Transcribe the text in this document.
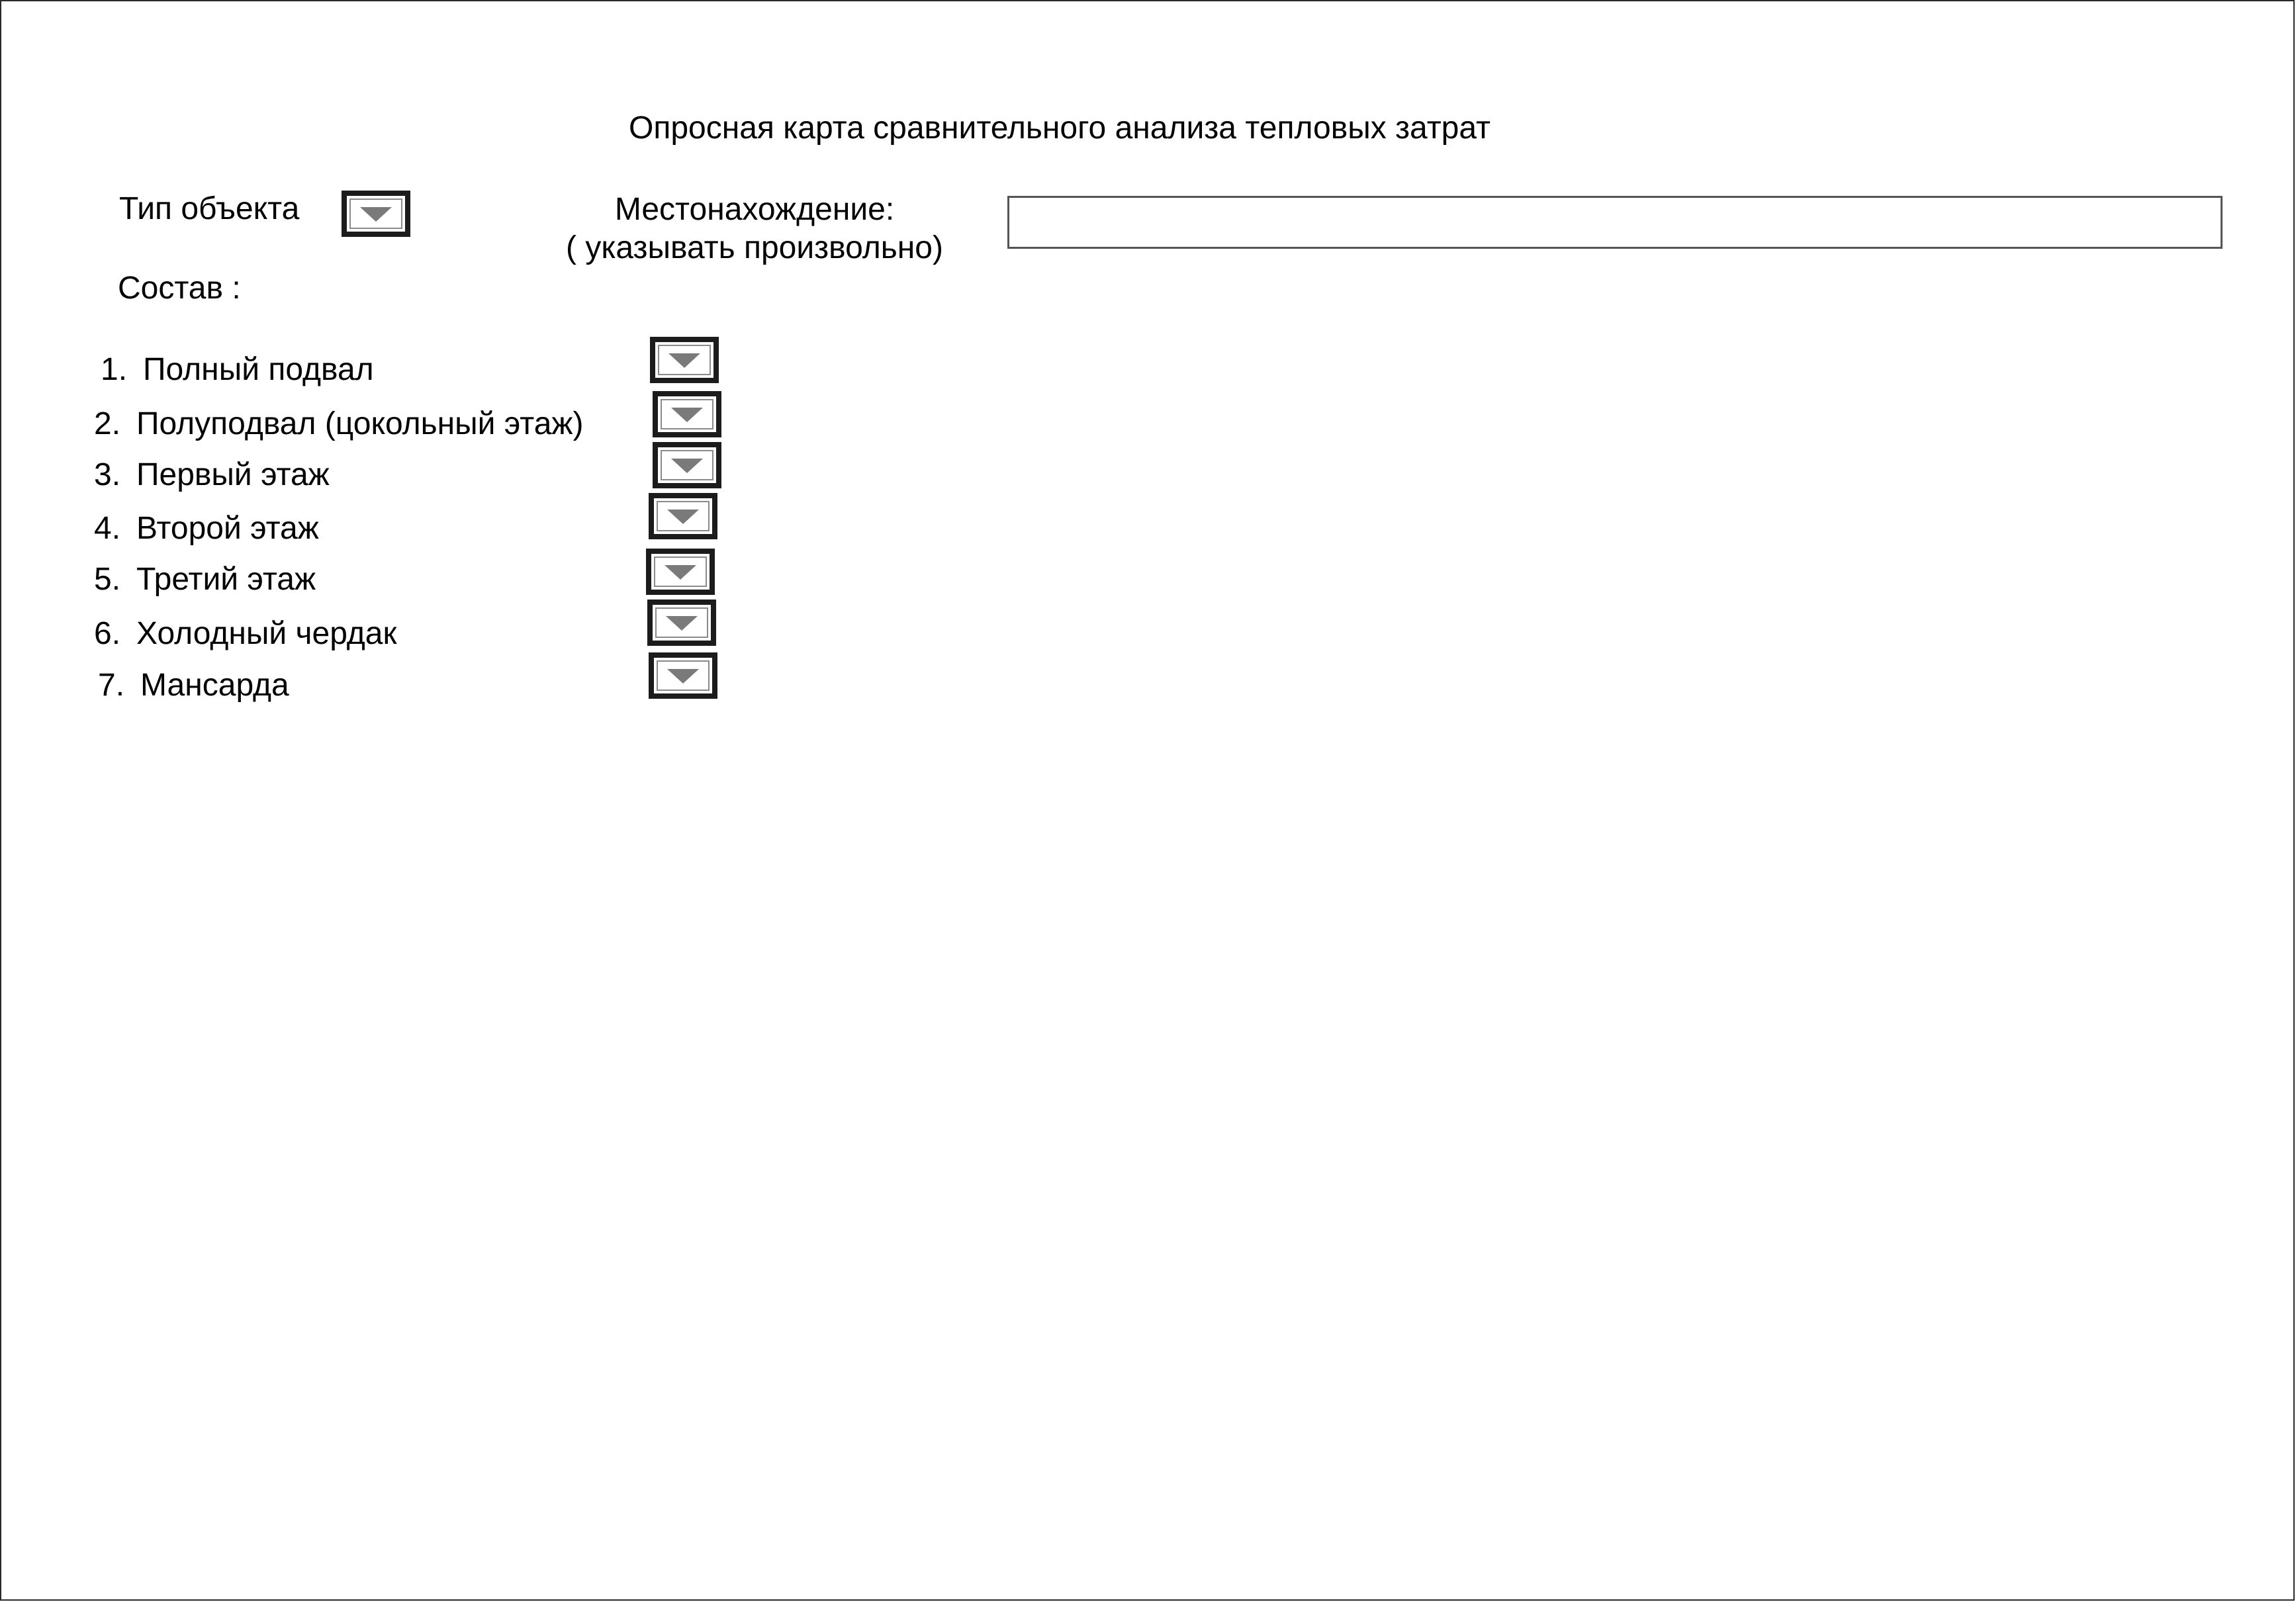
Опросная карта сравнительного анализа тепловых затрат
Тип объекта	Местонахождение:
( указывать произвольно)
Состав :
1. Полный подвал
2. Полуподвал (цокольный этаж)
3. Первый этаж
4. Второй этаж
5. Третий этаж
6. Холодный чердак
7. Мансарда
